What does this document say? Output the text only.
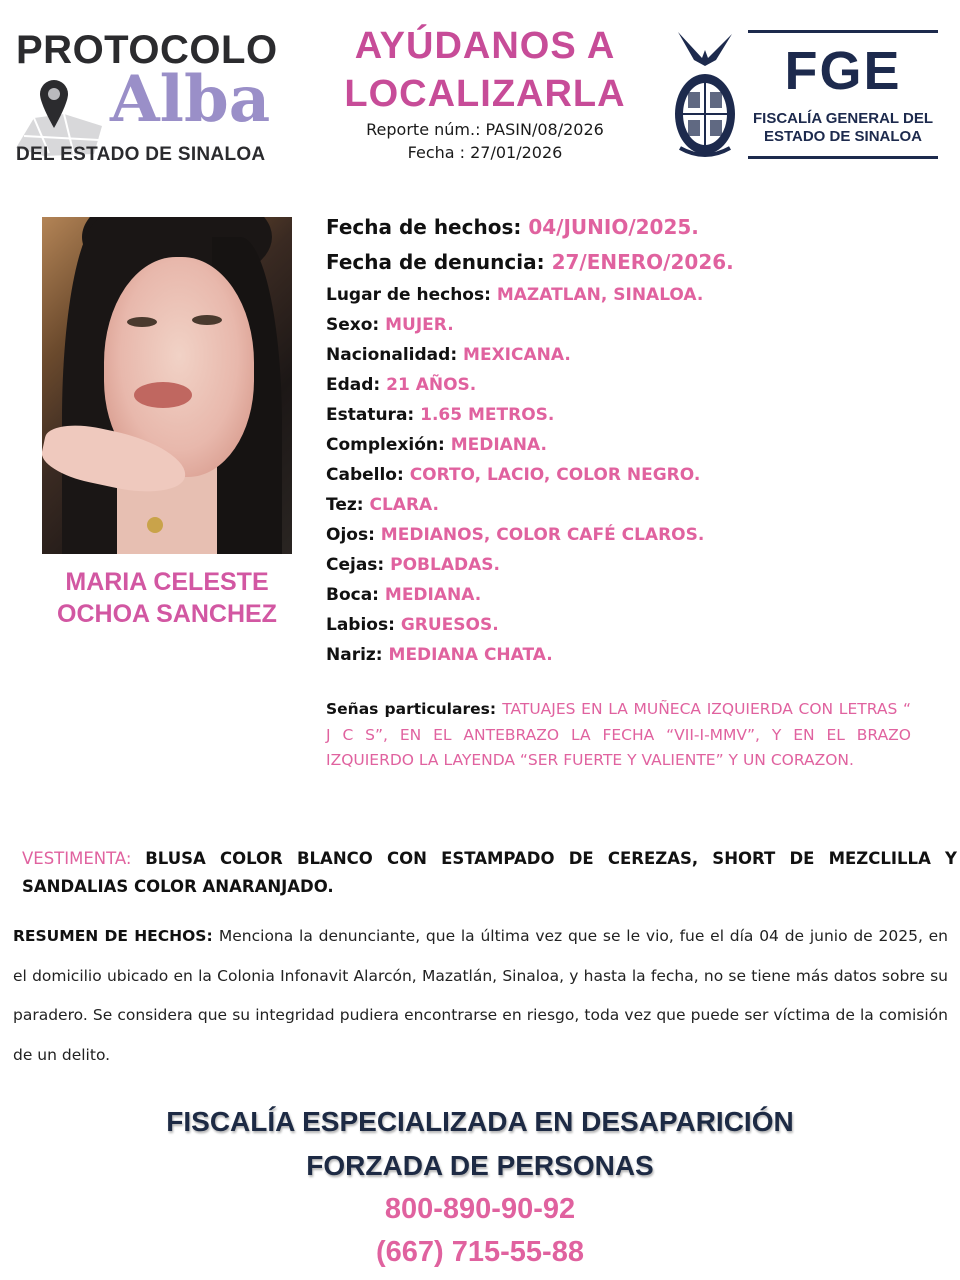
PROTOCOLO
Alba
DEL ESTADO DE SINALOA
AYÚDANOS A
LOCALIZARLA
Reporte núm.: PASIN/08/2026
Fecha : 27/01/2026
FGE
FISCALÍA GENERAL DEL
ESTADO DE SINALOA
MARIA CELESTE
OCHOA SANCHEZ
Fecha de hechos: 04/JUNIO/2025.
Fecha de denuncia: 27/ENERO/2026.
Lugar de hechos: MAZATLAN, SINALOA.
Sexo: MUJER.
Nacionalidad: MEXICANA.
Edad: 21 AÑOS.
Estatura: 1.65 METROS.
Complexión: MEDIANA.
Cabello: CORTO, LACIO, COLOR NEGRO.
Tez: CLARA.
Ojos: MEDIANOS, COLOR CAFÉ CLAROS.
Cejas: POBLADAS.
Boca: MEDIANA.
Labios: GRUESOS.
Nariz: MEDIANA CHATA.
Señas particulares: TATUAJES EN LA MUÑECA IZQUIERDA CON LETRAS “ J C S”, EN EL ANTEBRAZO LA FECHA “VII-I-MMV”, Y EN EL BRAZO IZQUIERDO LA LAYENDA “SER FUERTE Y VALIENTE” Y UN CORAZON.
VESTIMENTA: BLUSA COLOR BLANCO CON ESTAMPADO DE CEREZAS, SHORT DE MEZCLILLA Y SANDALIAS COLOR ANARANJADO.
RESUMEN DE HECHOS: Menciona la denunciante, que la última vez que se le vio, fue el día 04 de junio de 2025, en el domicilio ubicado en la Colonia Infonavit Alarcón, Mazatlán, Sinaloa, y hasta la fecha, no se tiene más datos sobre su paradero. Se considera que su integridad pudiera encontrarse en riesgo, toda vez que puede ser víctima de la comisión de un delito.
FISCALÍA ESPECIALIZADA EN DESAPARICIÓN
FORZADA DE PERSONAS
800-890-90-92
(667) 715-55-88
